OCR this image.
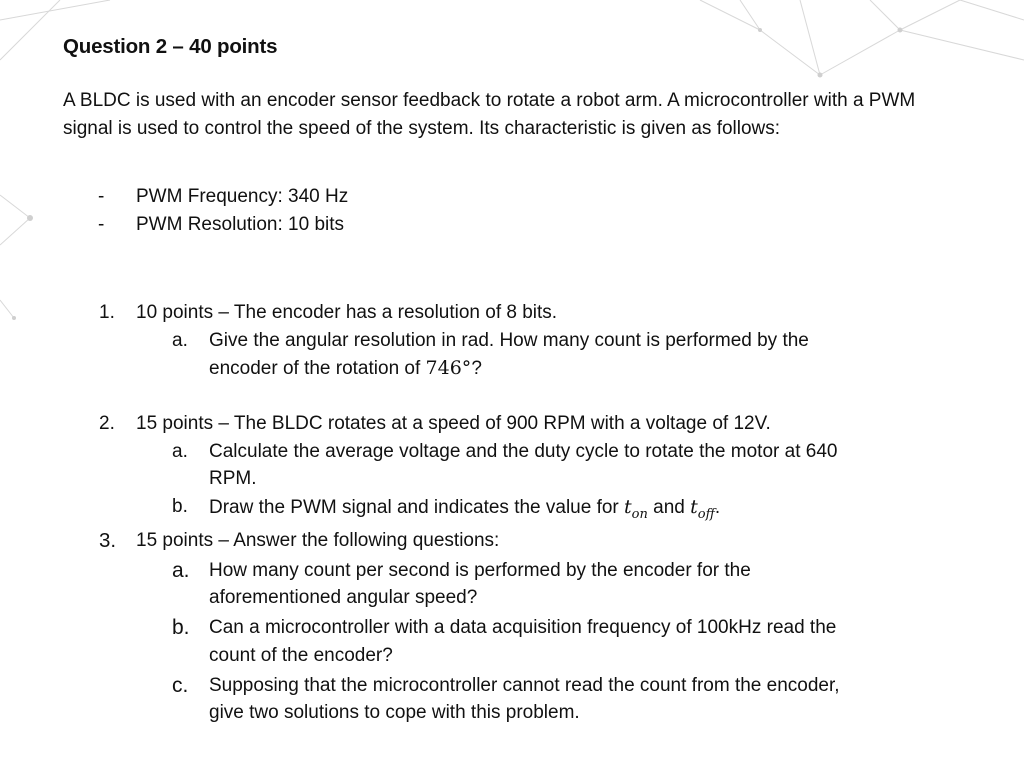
Question 2 – 40 points
A BLDC is used with an encoder sensor feedback to rotate a robot arm. A microcontroller with a PWM signal is used to control the speed of the system. Its characteristic is given as follows:
- PWM Frequency: 340 Hz
- PWM Resolution: 10 bits
1. 10 points – The encoder has a resolution of 8 bits.
a. Give the angular resolution in rad. How many count is performed by the
encoder of the rotation of 746°?
2. 15 points – The BLDC rotates at a speed of 900 RPM with a voltage of 12V.
a. Calculate the average voltage and the duty cycle to rotate the motor at 640
RPM.
b. Draw the PWM signal and indicates the value for $t_{on}$ and $t_{off}$.
3. 15 points – Answer the following questions:
a. How many count per second is performed by the encoder for the
aforementioned angular speed?
b. Can a microcontroller with a data acquisition frequency of 100kHz read the
count of the encoder?
c. Supposing that the microcontroller cannot read the count from the encoder,
give two solutions to cope with this problem.
